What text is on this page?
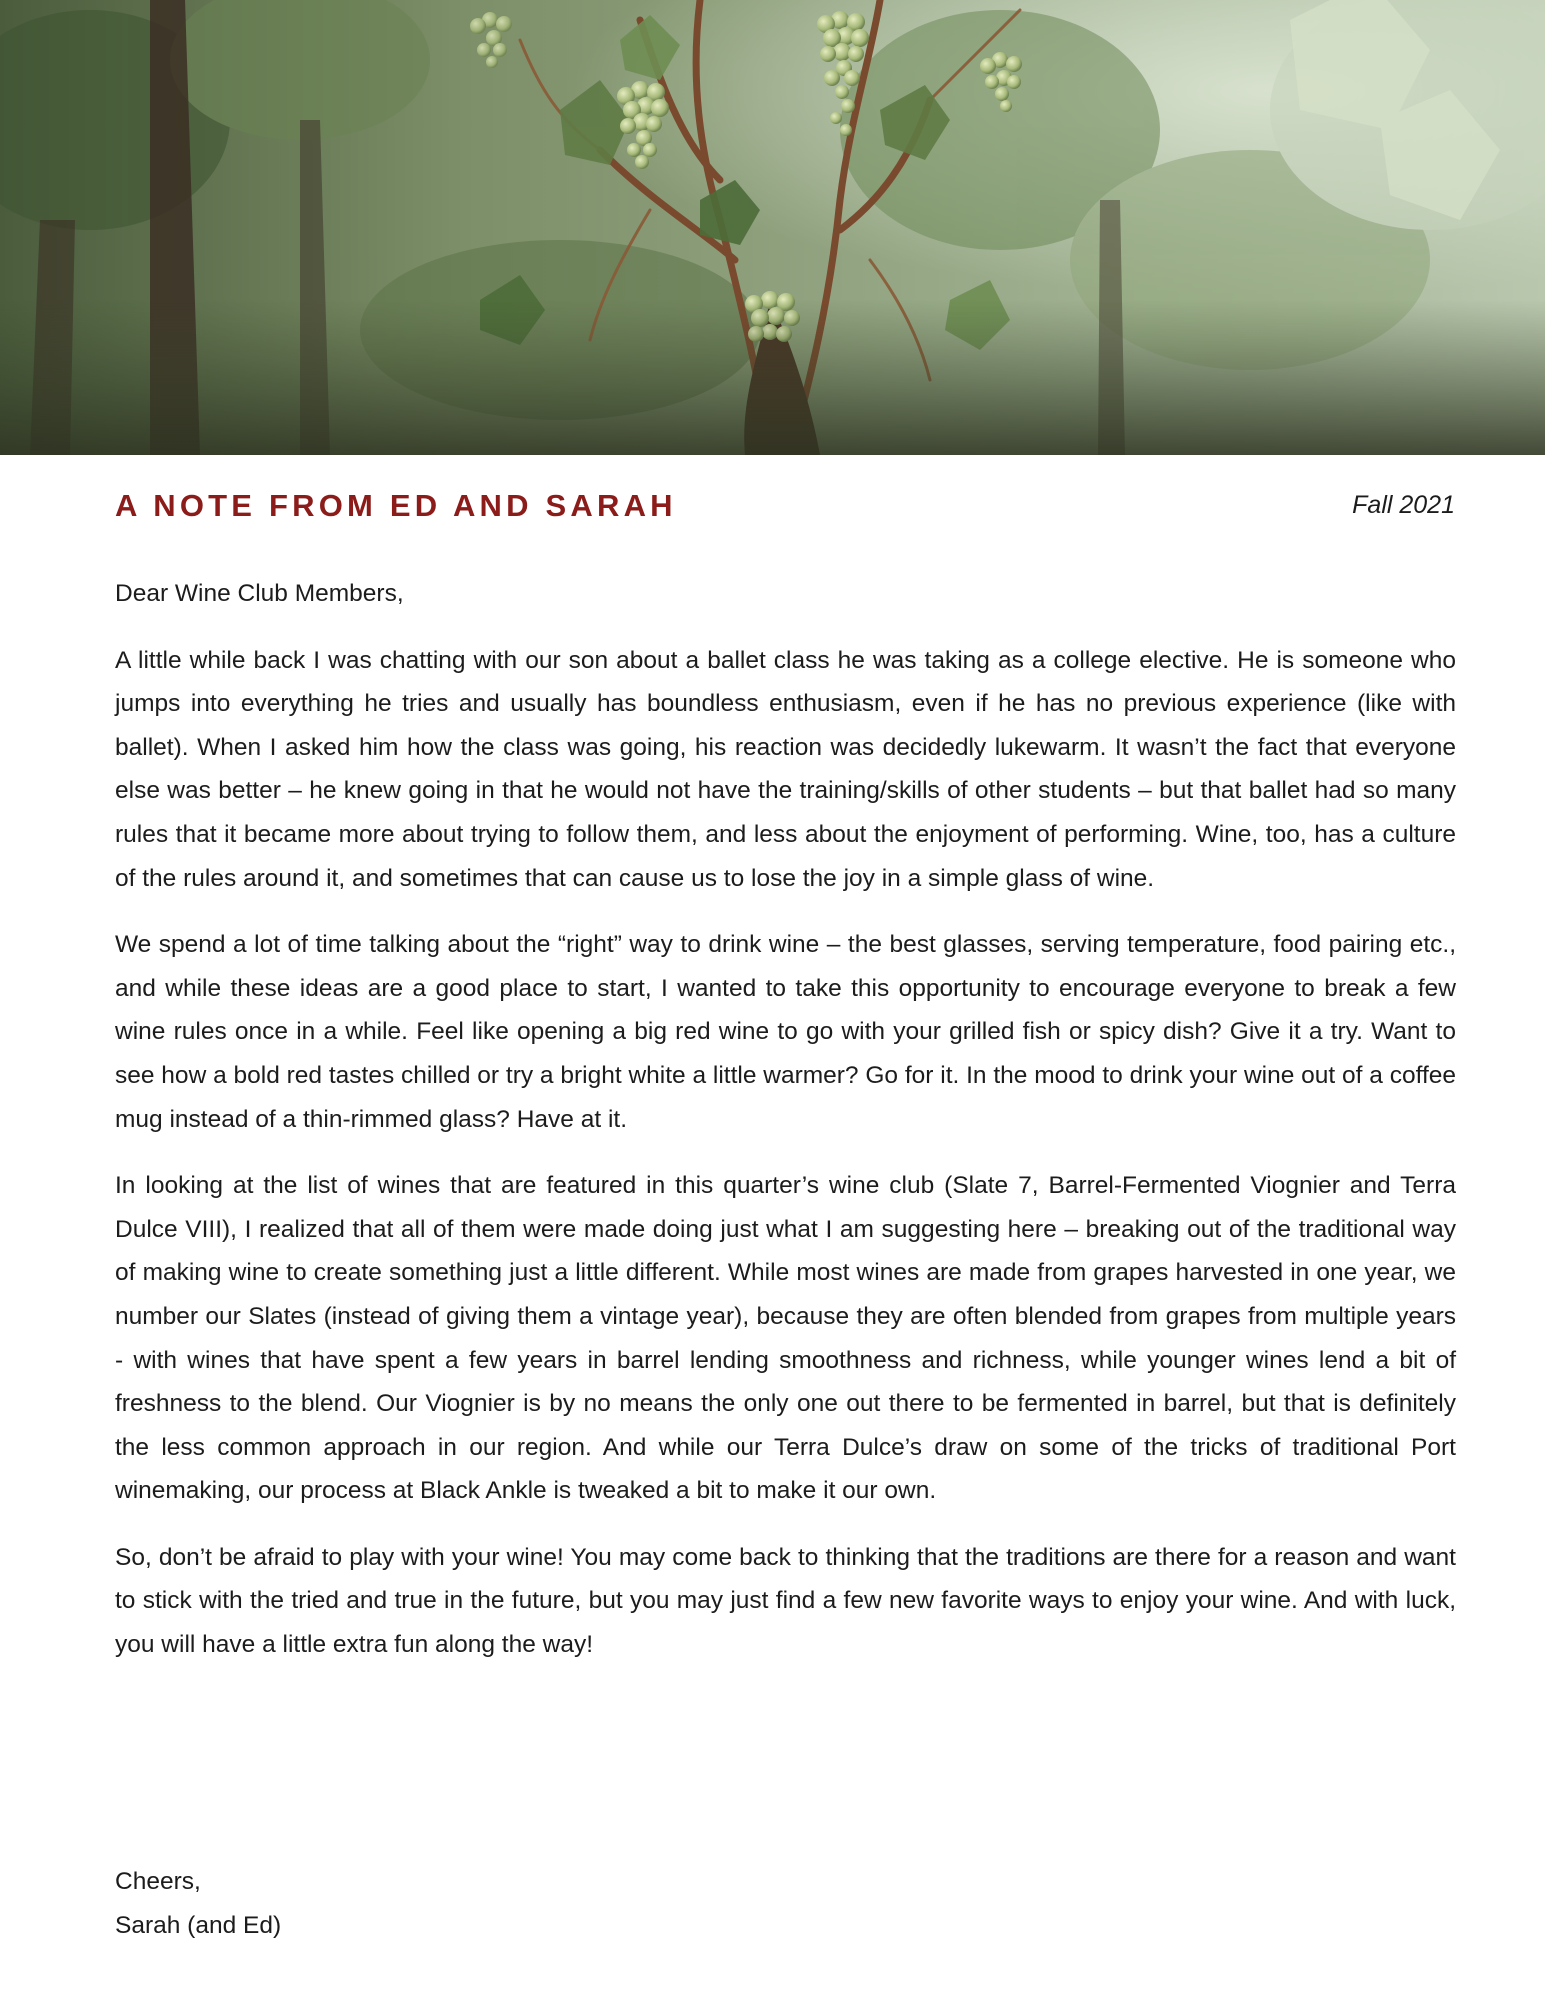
A NOTE FROM ED AND SARAH	Fall 2021

Dear Wine Club Members,

A little while back I was chatting with our son about a ballet class he was taking as a college elective. He is someone who jumps into everything he tries and usually has boundless enthusiasm, even if he has no previous experience (like with ballet). When I asked him how the class was going, his reaction was decidedly lukewarm. It wasn’t the fact that everyone else was better – he knew going in that he would not have the training/skills of other students – but that ballet had so many rules that it became more about trying to follow them, and less about the enjoyment of performing. Wine, too, has a culture of the rules around it, and sometimes that can cause us to lose the joy in a simple glass of wine.

We spend a lot of time talking about the “right” way to drink wine – the best glasses, serving temperature, food pairing etc., and while these ideas are a good place to start, I wanted to take this opportunity to encourage everyone to break a few wine rules once in a while. Feel like opening a big red wine to go with your grilled fish or spicy dish? Give it a try. Want to see how a bold red tastes chilled or try a bright white a little warmer? Go for it. In the mood to drink your wine out of a coffee mug instead of a thin-rimmed glass? Have at it.

In looking at the list of wines that are featured in this quarter’s wine club (Slate 7, Barrel-Fermented Viognier and Terra Dulce VIII), I realized that all of them were made doing just what I am suggesting here – breaking out of the traditional way of making wine to create something just a little different. While most wines are made from grapes harvested in one year, we number our Slates (instead of giving them a vintage year), because they are often blended from grapes from multiple years - with wines that have spent a few years in barrel lending smoothness and richness, while younger wines lend a bit of freshness to the blend. Our Viognier is by no means the only one out there to be fermented in barrel, but that is definitely the less common approach in our region. And while our Terra Dulce’s draw on some of the tricks of traditional Port winemaking, our process at Black Ankle is tweaked a bit to make it our own.

So, don’t be afraid to play with your wine! You may come back to thinking that the traditions are there for a reason and want to stick with the tried and true in the future, but you may just find a few new favorite ways to enjoy your wine. And with luck, you will have a little extra fun along the way!

Cheers,
Sarah (and Ed)
